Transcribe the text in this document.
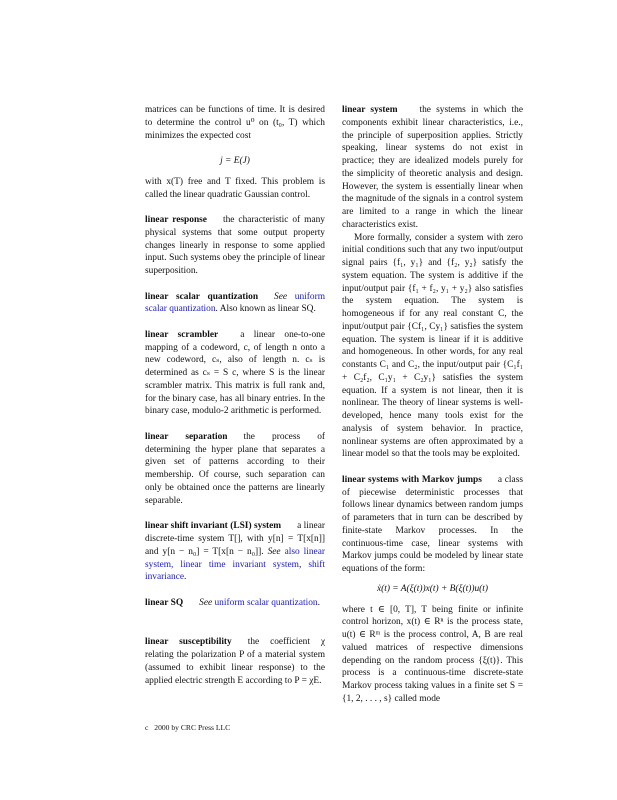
matrices can be functions of time. It is desired to determine the control u⁰ on (t₀, T) which minimizes the expected cost

j = E(J)

with x(T) free and T fixed. This problem is called the linear quadratic Gaussian control.

linear response the characteristic of many physical systems that some output property changes linearly in response to some applied input. Such systems obey the principle of linear superposition.

linear scalar quantization See uniform scalar quantization. Also known as linear SQ.

linear scrambler a linear one-to-one mapping of a codeword, c, of length n onto a new codeword, cₛ, also of length n. cₛ is determined as cₛ = S c, where S is the linear scrambler matrix. This matrix is full rank and, for the binary case, has all binary entries. In the binary case, modulo-2 arithmetic is performed.

linear separation the process of determining the hyper plane that separates a given set of patterns according to their membership. Of course, such separation can only be obtained once the patterns are linearly separable.

linear shift invariant (LSI) system a linear discrete-time system T[], with y[n] = T[x[n]] and y[n − n₀] = T[x[n − n₀]]. See also linear system, linear time invariant system, shift invariance.

linear SQ See uniform scalar quantization.

linear susceptibility the coefficient χ relating the polarization P of a material system (assumed to exhibit linear response) to the applied electric strength E according to P = χE.

linear system the systems in which the components exhibit linear characteristics, i.e., the principle of superposition applies. Strictly speaking, linear systems do not exist in practice; they are idealized models purely for the simplicity of theoretic analysis and design. However, the system is essentially linear when the magnitude of the signals in a control system are limited to a range in which the linear characteristics exist.

More formally, consider a system with zero initial conditions such that any two input/output signal pairs {f₁, y₁} and {f₂, y₂} satisfy the system equation. The system is additive if the input/output pair {f₁ + f₂, y₁ + y₂} also satisfies the system equation. The system is homogeneous if for any real constant C, the input/output pair {Cf₁, Cy₁} satisfies the system equation. The system is linear if it is additive and homogeneous. In other words, for any real constants C₁ and C₂, the input/output pair {C₁f₁ + C₂f₂, C₁y₁ + C₂y₁} satisfies the system equation. If a system is not linear, then it is nonlinear. The theory of linear systems is well-developed, hence many tools exist for the analysis of system behavior. In practice, nonlinear systems are often approximated by a linear model so that the tools may be exploited.

linear systems with Markov jumps a class of piecewise deterministic processes that follows linear dynamics between random jumps of parameters that in turn can be described by finite-state Markov processes. In the continuous-time case, linear systems with Markov jumps could be modeled by linear state equations of the form:

ẋ(t) = A(ξ(t))x(t) + B(ξ(t))u(t)

where t ∈ [0, T], T being finite or infinite control horizon, x(t) ∈ Rⁿ is the process state, u(t) ∈ Rᵐ is the process control, A, B are real valued matrices of respective dimensions depending on the random process {ξ(t)}. This process is a continuous-time discrete-state Markov process taking values in a finite set S = {1, 2, . . . , s} called mode

c⃝2000 by CRC Press LLC
